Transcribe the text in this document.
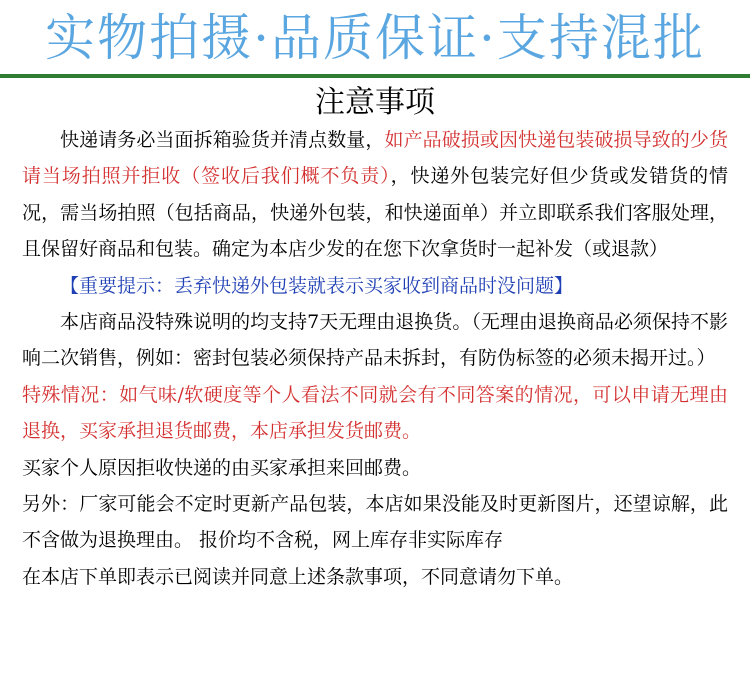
实物拍摄·品质保证·支持混批
注意事项

快递请务必当面拆箱验货并清点数量，如产品破损或因快递包装破损导致的少货请当场拍照并拒收（签收后我们概不负责），快递外包装完好但少货或发错货的情况，需当场拍照（包括商品，快递外包装，和快递面单）并立即联系我们客服处理，且保留好商品和包装。确定为本店少发的在您下次拿货时一起补发（或退款）

【重要提示：丢弃快递外包装就表示买家收到商品时没问题】

本店商品没特殊说明的均支持7天无理由退换货。（无理由退换商品必须保持不影响二次销售，例如：密封包装必须保持产品未拆封，有防伪标签的必须未揭开过。）

特殊情况：如气味/软硬度等个人看法不同就会有不同答案的情况，可以申请无理由退换，买家承担退货邮费，本店承担发货邮费。

买家个人原因拒收快递的由买家承担来回邮费。

另外：厂家可能会不定时更新产品包装，本店如果没能及时更新图片，还望谅解，此不含做为退换理由。 报价均不含税，网上库存非实际库存

在本店下单即表示已阅读并同意上述条款事项，不同意请勿下单。
